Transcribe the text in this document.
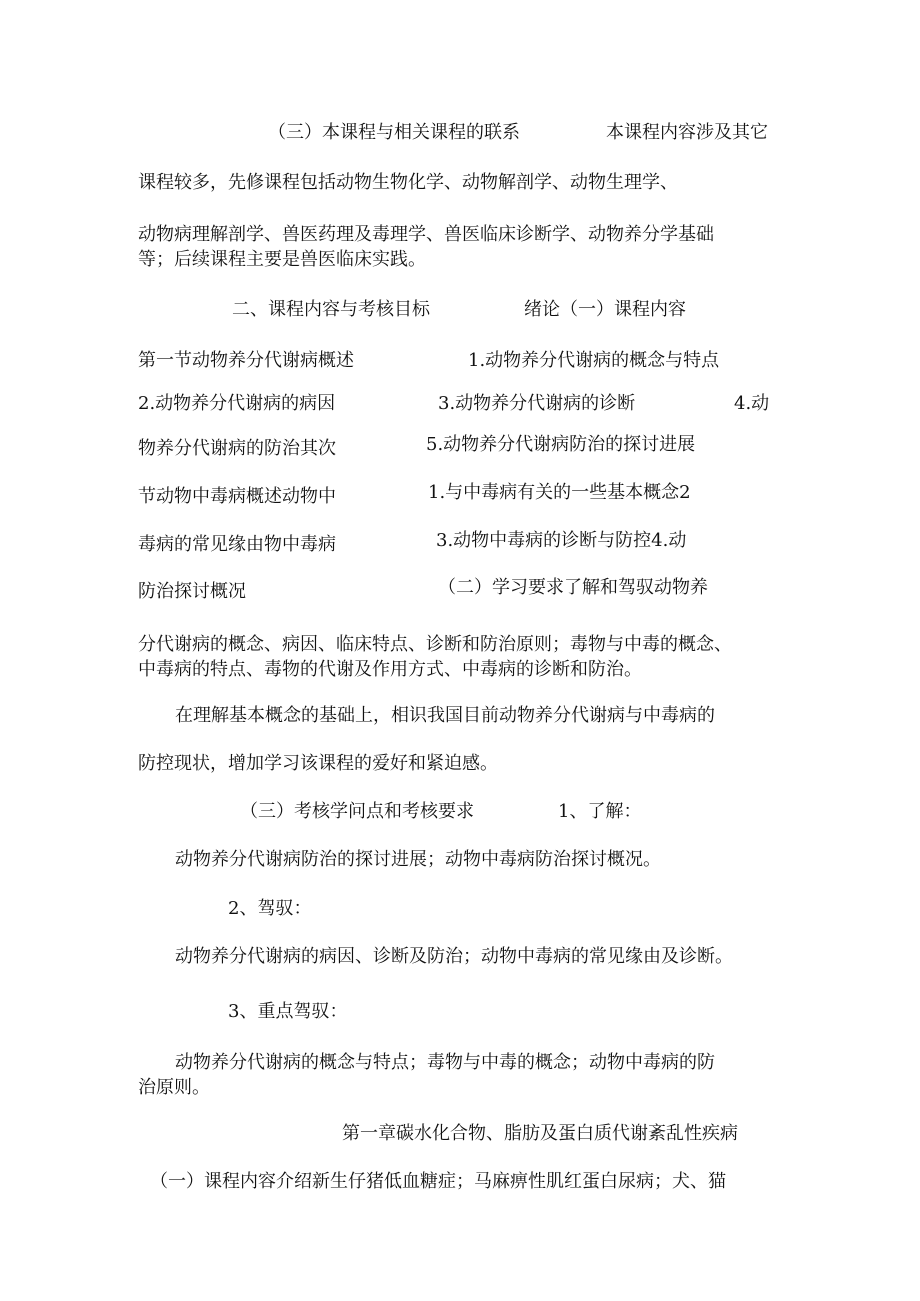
（三）本课程与相关课程的联系	本课程内容涉及其它
课程较多，先修课程包括动物生物化学、动物解剖学、动物生理学、
动物病理解剖学、兽医药理及毒理学、兽医临床诊断学、动物养分学基础
等；后续课程主要是兽医临床实践。
二、课程内容与考核目标	绪论（一）课程内容
第一节动物养分代谢病概述	1.动物养分代谢病的概念与特点
2.动物养分代谢病的病因	3.动物养分代谢病的诊断	4.动
物养分代谢病的防治其次	5.动物养分代谢病防治的探讨进展
节动物中毒病概述动物中	1.与中毒病有关的一些基本概念2
毒病的常见缘由物中毒病	3.动物中毒病的诊断与防控4.动
防治探讨概况	（二）学习要求了解和驾驭动物养
分代谢病的概念、病因、临床特点、诊断和防治原则；毒物与中毒的概念、
中毒病的特点、毒物的代谢及作用方式、中毒病的诊断和防治。
在理解基本概念的基础上，相识我国目前动物养分代谢病与中毒病的
防控现状，增加学习该课程的爱好和紧迫感。
（三）考核学问点和考核要求	1、了解：
动物养分代谢病防治的探讨进展；动物中毒病防治探讨概况。
2、驾驭：
动物养分代谢病的病因、诊断及防治；动物中毒病的常见缘由及诊断。
3、重点驾驭：
动物养分代谢病的概念与特点；毒物与中毒的概念；动物中毒病的防
治原则。
第一章碳水化合物、脂肪及蛋白质代谢紊乱性疾病
（一）课程内容介绍新生仔猪低血糖症；马麻痹性肌红蛋白尿病；犬、猫
